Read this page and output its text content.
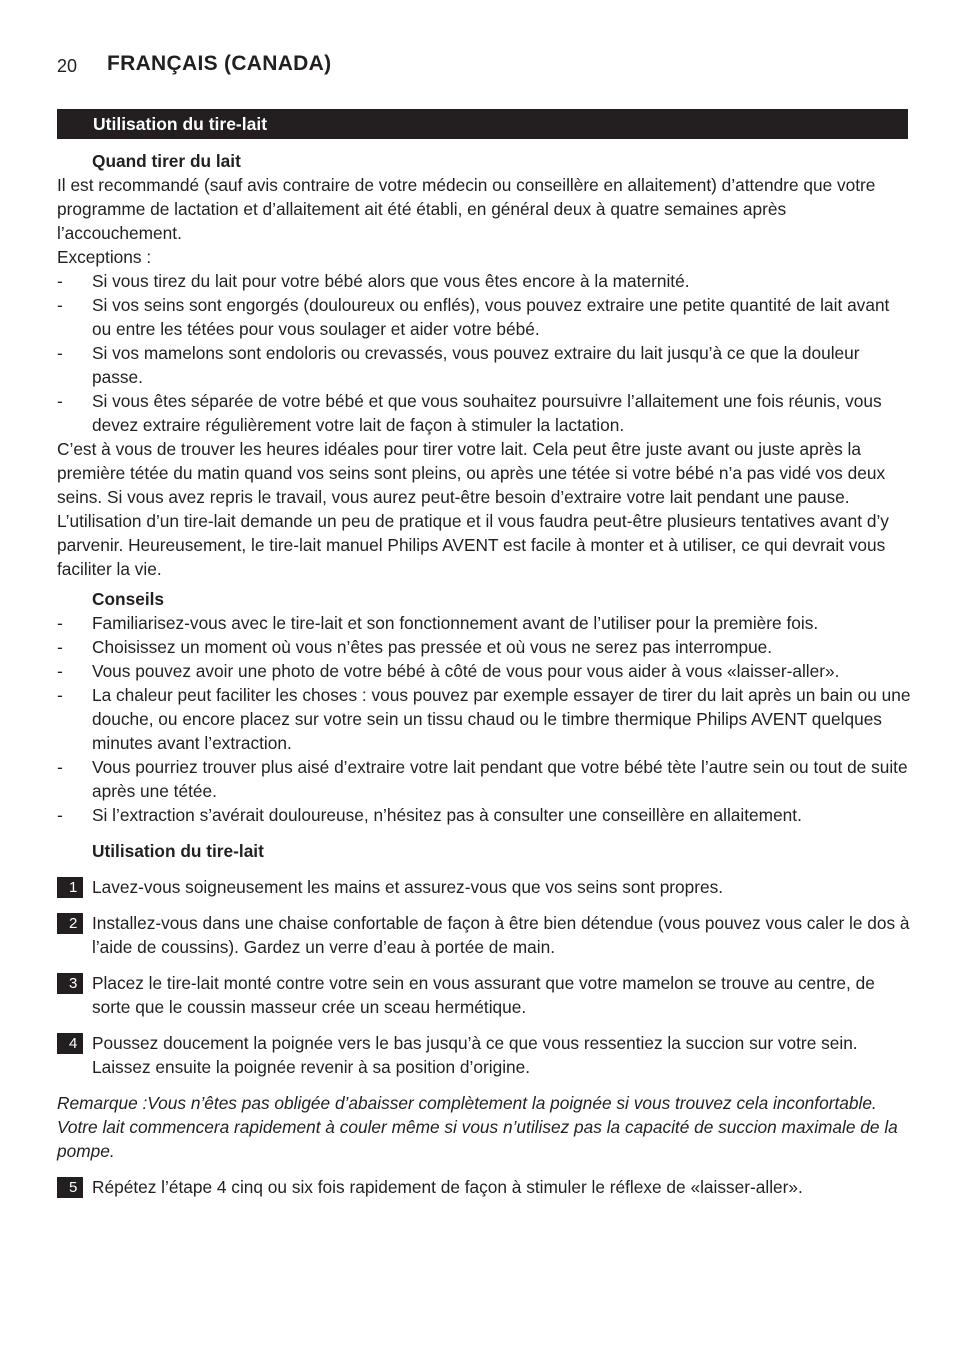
20 FRANÇAIS (CANADA)
Utilisation du tire-lait
Quand tirer du lait

Il est recommandé (sauf avis contraire de votre médecin ou conseillère en allaitement) d’attendre que votre programme de lactation et d’allaitement ait été établi, en général deux à quatre semaines après l’accouchement.

Exceptions :

- Si vous tirez du lait pour votre bébé alors que vous êtes encore à la maternité.
- Si vos seins sont engorgés (douloureux ou enflés), vous pouvez extraire une petite quantité de lait avant ou entre les tétées pour vous soulager et aider votre bébé.
- Si vos mamelons sont endoloris ou crevassés, vous pouvez extraire du lait jusqu’à ce que la douleur passe.
- Si vous êtes séparée de votre bébé et que vous souhaitez poursuivre l’allaitement une fois réunis, vous devez extraire régulièrement votre lait de façon à stimuler la lactation.

C’est à vous de trouver les heures idéales pour tirer votre lait. Cela peut être juste avant ou juste après la première tétée du matin quand vos seins sont pleins, ou après une tétée si votre bébé n’a pas vidé vos deux seins. Si vous avez repris le travail, vous aurez peut-être besoin d’extraire votre lait pendant une pause.

L’utilisation d’un tire-lait demande un peu de pratique et il vous faudra peut-être plusieurs tentatives avant d’y parvenir. Heureusement, le tire-lait manuel Philips AVENT est facile à monter et à utiliser, ce qui devrait vous faciliter la vie.

Conseils
- Familiarisez-vous avec le tire-lait et son fonctionnement avant de l’utiliser pour la première fois.
- Choisissez un moment où vous n’êtes pas pressée et où vous ne serez pas interrompue.
- Vous pouvez avoir une photo de votre bébé à côté de vous pour vous aider à vous «laisser-aller».
- La chaleur peut faciliter les choses : vous pouvez par exemple essayer de tirer du lait après un bain ou une douche, ou encore placez sur votre sein un tissu chaud ou le timbre thermique Philips AVENT quelques minutes avant l’extraction.
- Vous pourriez trouver plus aisé d’extraire votre lait pendant que votre bébé tète l’autre sein ou tout de suite après une tétée.
- Si l’extraction s’avérait douloureuse, n’hésitez pas à consulter une conseillère en allaitement.
Utilisation du tire-lait
1 Lavez-vous soigneusement les mains et assurez-vous que vos seins sont propres.
2 Installez-vous dans une chaise confortable de façon à être bien détendue (vous pouvez vous caler le dos à l’aide de coussins). Gardez un verre d’eau à portée de main.
3 Placez le tire-lait monté contre votre sein en vous assurant que votre mamelon se trouve au centre, de sorte que le coussin masseur crée un sceau hermétique.
4 Poussez doucement la poignée vers le bas jusqu’à ce que vous ressentiez la succion sur votre sein. Laissez ensuite la poignée revenir à sa position d’origine.

Remarque :Vous n’êtes pas obligée d’abaisser complètement la poignée si vous trouvez cela inconfortable. Votre lait commencera rapidement à couler même si vous n’utilisez pas la capacité de succion maximale de la pompe.

5 Répétez l’étape 4 cinq ou six fois rapidement de façon à stimuler le réflexe de «laisser-aller».
